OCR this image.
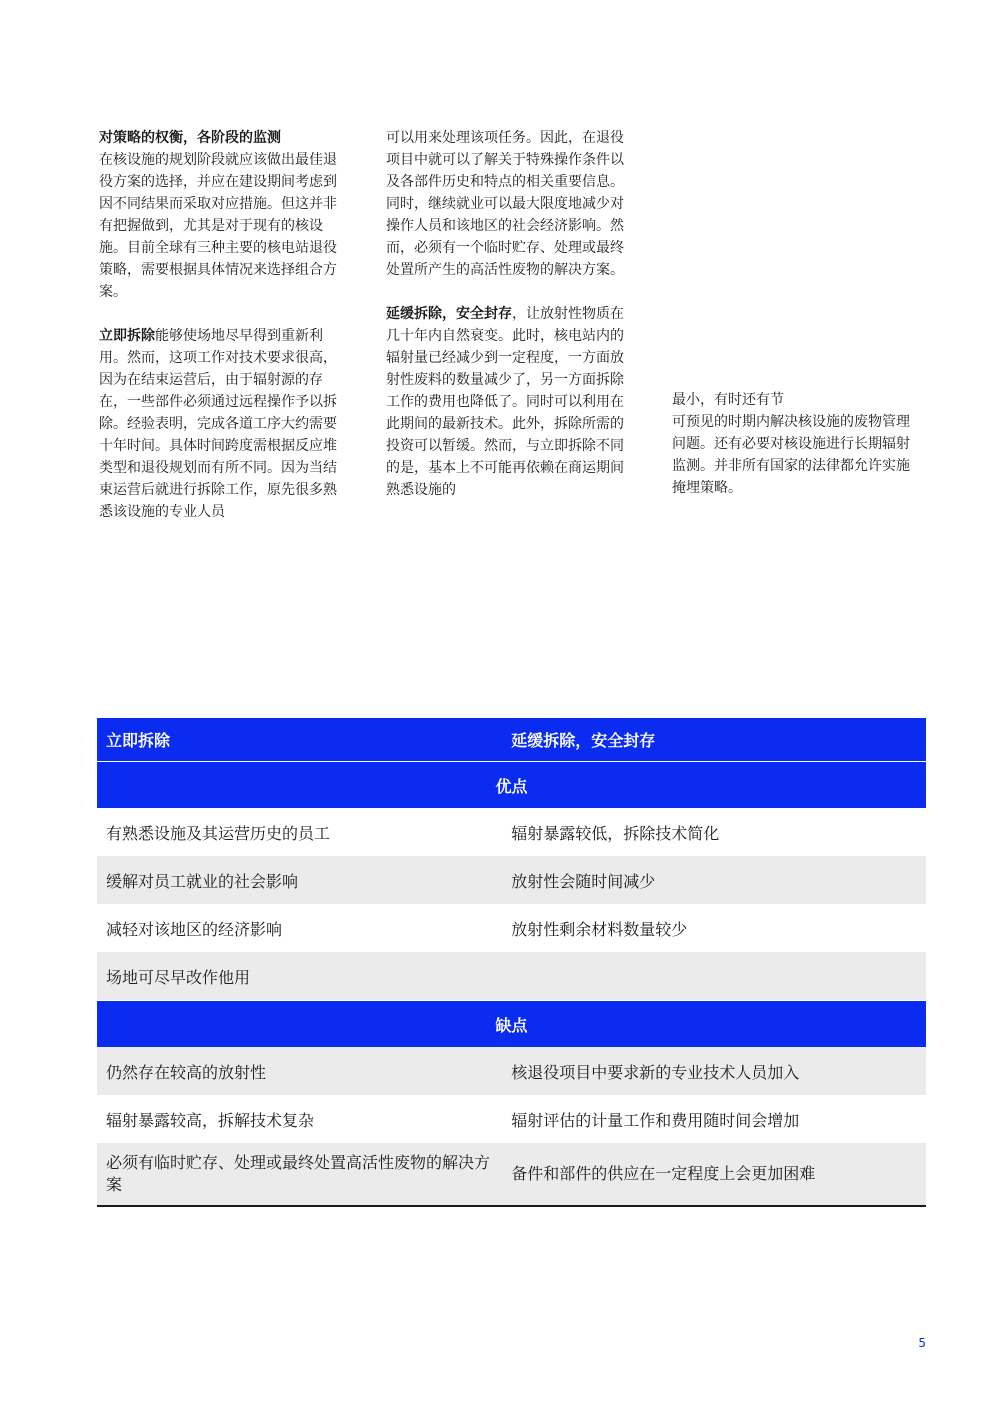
对策略的权衡，各阶段的监测

在核设施的规划阶段就应该做出最佳退役方案的选择，并应在建设期间考虑到因不同结果而采取对应措施。但这并非有把握做到，尤其是对于现有的核设施。目前全球有三种主要的核电站退役策略，需要根据具体情况来选择组合方案。

立即拆除能够使场地尽早得到重新利用。然而，这项工作对技术要求很高，因为在结束运营后，由于辐射源的存在，一些部件必须通过远程操作予以拆除。经验表明，完成各道工序大约需要十年时间。具体时间跨度需根据反应堆类型和退役规划而有所不同。因为当结束运营后就进行拆除工作，原先很多熟悉该设施的专业人员

可以用来处理该项任务。因此，在退役项目中就可以了解关于特殊操作条件以及各部件历史和特点的相关重要信息。同时，继续就业可以最大限度地减少对操作人员和该地区的社会经济影响。然而，必须有一个临时贮存、处理或最终处置所产生的高活性废物的解决方案。

延缓拆除，安全封存，让放射性物质在几十年内自然衰变。此时，核电站内的辐射量已经减少到一定程度，一方面放射性废料的数量减少了，另一方面拆除工作的费用也降低了。同时可以利用在此期间的最新技术。此外，拆除所需的投资可以暂缓。然而，与立即拆除不同的是，基本上不可能再依赖在商运期间熟悉设施的

最小，有时还有节

可预见的时期内解决核设施的废物管理问题。还有必要对核设施进行长期辐射监测。并非所有国家的法律都允许实施掩埋策略。

立即拆除	延缓拆除，安全封存
优点	
有熟悉设施及其运营历史的员工	辐射暴露较低，拆除技术简化
缓解对员工就业的社会影响	放射性会随时间减少
减轻对该地区的经济影响	放射性剩余材料数量较少
场地可尽早改作他用	
缺点	
仍然存在较高的放射性	核退役项目中要求新的专业技术人员加入
辐射暴露较高，拆解技术复杂	辐射评估的计量工作和费用随时间会增加
必须有临时贮存、处理或最终处置高活性废物的解决方案	备件和部件的供应在一定程度上会更加困难
5
